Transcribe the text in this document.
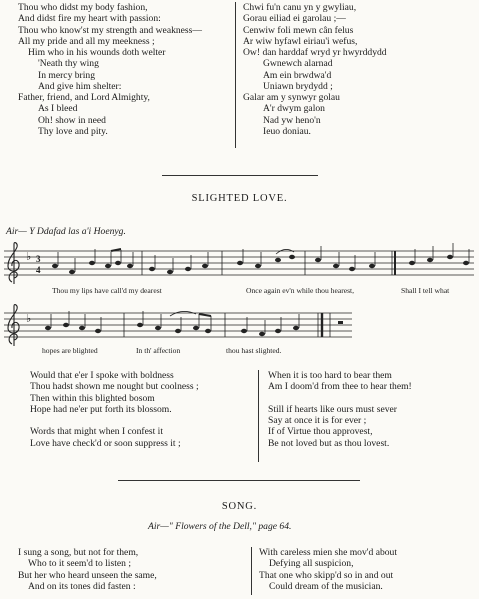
Thou who didst my body fashion,
And didst fire my heart with passion:
Thou who know'st my strength and weakness—
All my pride and all my meekness ;
Him who in his wounds doth welter
'Neath thy wing
In mercy bring
And give him shelter:
Father, friend, and Lord Almighty,
As I bleed
Oh! show in need
Thy love and pity.
Chwi fu'n canu yn y gwyliau,
Gorau eiliad ei garolau ;—
Cenwiw foli mewn cân felus
Ar wiw hyfawl eiriau'i wefus,
Ow! dan harddaf wryd yr hwyrddydd
Gwnewch alarnad
Am ein brwdwa'd
Uniawn brydydd ;
Galar am y synwyr golau
A'r dwym galon
Nad yw heno'n
Ieuo doniau.
SLIGHTED LOVE.
Air— Y Ddafad las a'i Hoenyg.
♭ 3
4
Thou my lips have call'd my dearest	Once again ev'n while thou hearest,	Shall I tell what
♭
hopes are blighted	In th' affection	thou hast slighted.
Would that e'er I spoke with boldness
Thou hadst shown me nought but coolness ;
Then within this blighted bosom
Hope had ne'er put forth its blossom.

Words that might when I confest it
Love have check'd or soon suppress it ;
When it is too hard to bear them
Am I doom'd from thee to hear them!

Still if hearts like ours must sever
Say at once it is for ever ;
If of Virtue thou approvest,
Be not loved but as thou lovest.
SONG.
Air—" Flowers of the Dell," page 64.
I sung a song, but not for them,
Who to it seem'd to listen ;
But her who heard unseen the same,
And on its tones did fasten :
With careless mien she mov'd about
Defying all suspicion,
That one who skipp'd so in and out
Could dream of the musician.
